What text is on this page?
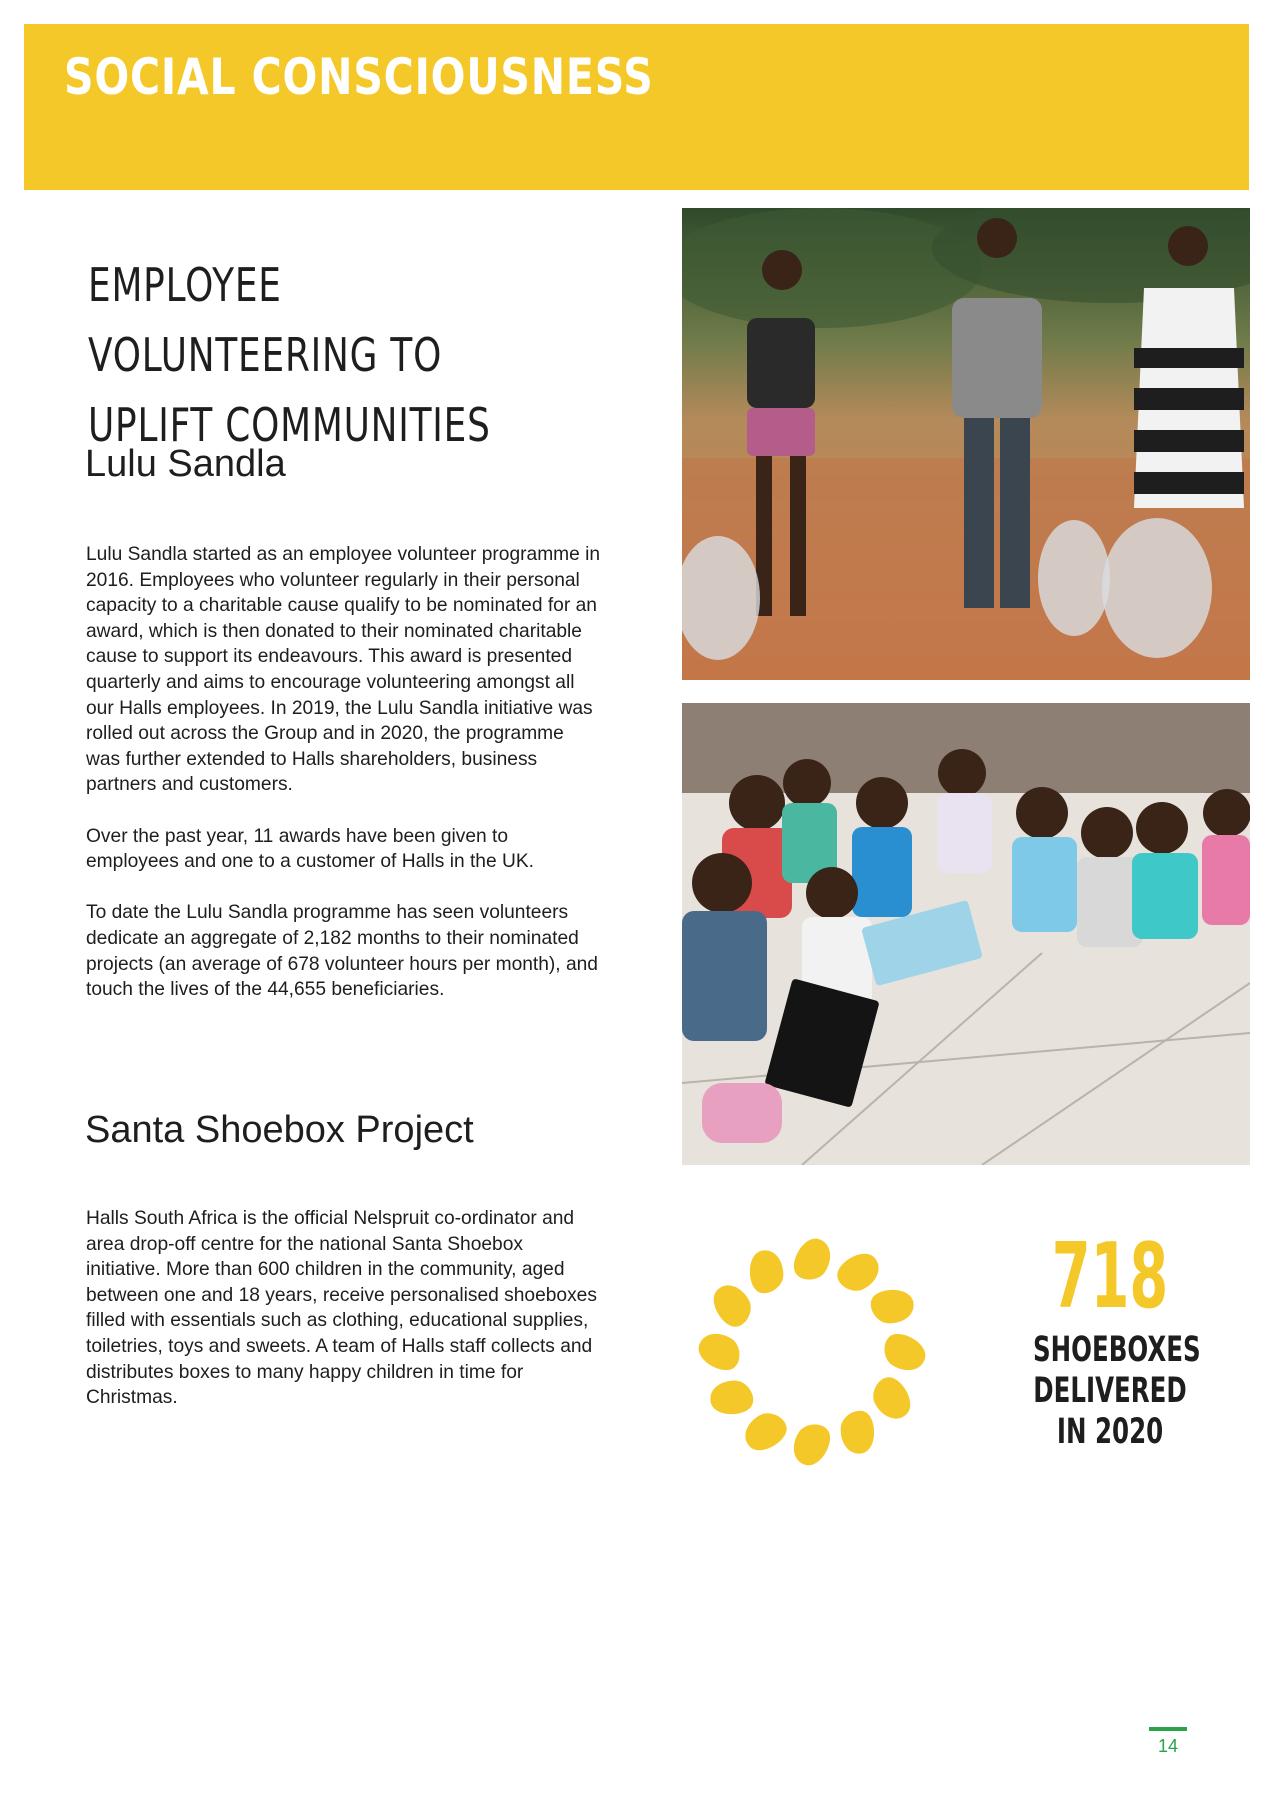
SOCIAL CONSCIOUSNESS
EMPLOYEE VOLUNTEERING TO
UPLIFT COMMUNITIES
Lulu Sandla

Lulu Sandla started as an employee volunteer programme in 2016. Employees who volunteer regularly in their personal capacity to a charitable cause qualify to be nominated for an award, which is then donated to their nominated charitable cause to support its endeavours. This award is presented quarterly and aims to encourage volunteering amongst all our Halls employees. In 2019, the Lulu Sandla initiative was rolled out across the Group and in 2020, the programme was further extended to Halls shareholders, business partners and customers.

Over the past year, 11 awards have been given to employees and one to a customer of Halls in the UK.

To date the Lulu Sandla programme has seen volunteers dedicate an aggregate of 2,182 months to their nominated projects (an average of 678 volunteer hours per month), and touch the lives of the 44,655 beneficiaries.

Santa Shoebox Project

Halls South Africa is the official Nelspruit co-ordinator and area drop-off centre for the national Santa Shoebox initiative. More than 600 children in the community, aged between one and 18 years, receive personalised shoeboxes filled with essentials such as clothing, educational supplies, toiletries, toys and sweets. A team of Halls staff collects and distributes boxes to many happy children in time for Christmas.

718
SHOEBOXES
DELIVERED
IN 2020
14
